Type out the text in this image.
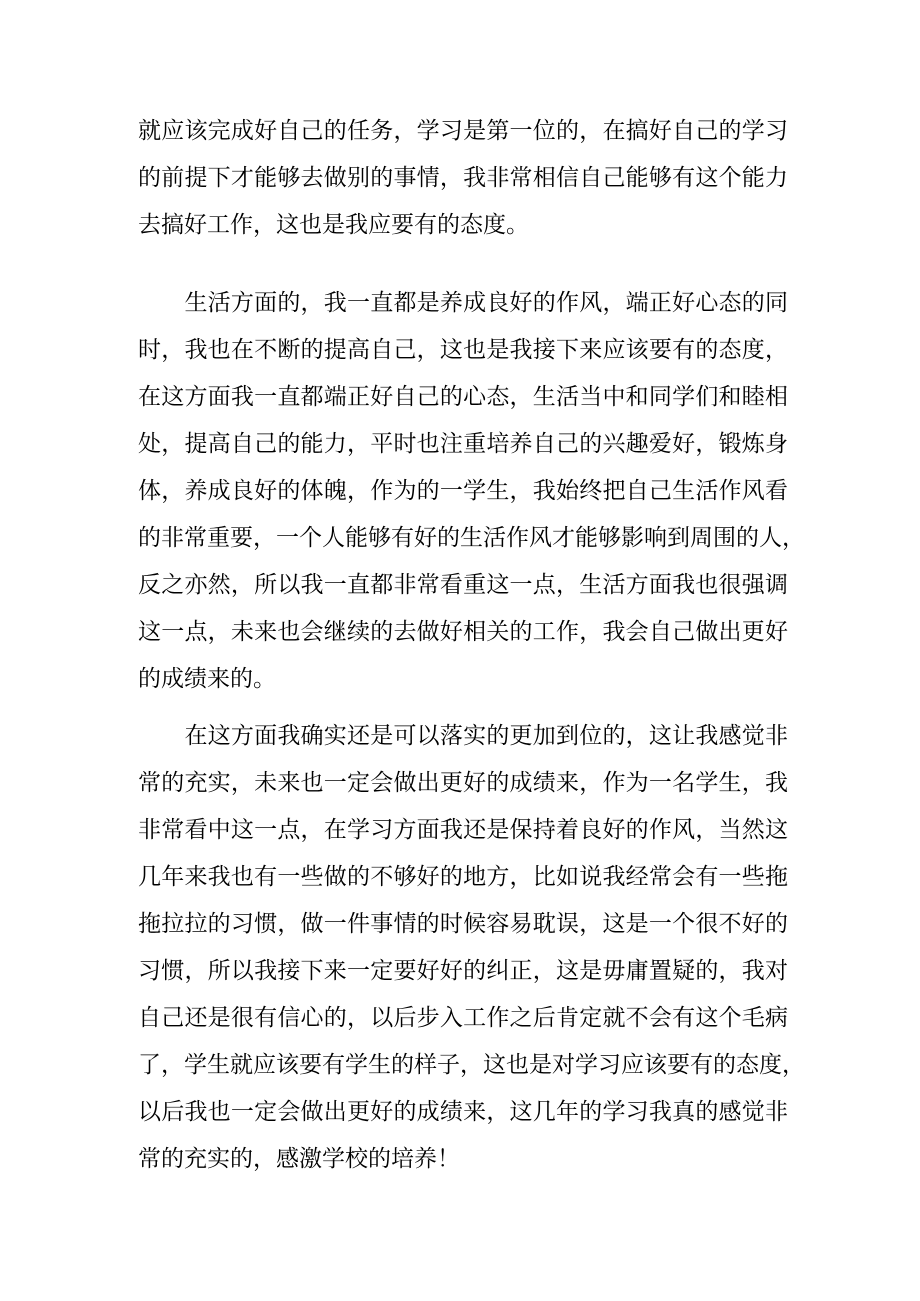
就应该完成好自己的任务，学习是第一位的，在搞好自己的学习
的前提下才能够去做别的事情，我非常相信自己能够有这个能力
去搞好工作，这也是我应要有的态度。
　　生活方面的，我一直都是养成良好的作风，端正好心态的同
时，我也在不断的提高自己，这也是我接下来应该要有的态度，
在这方面我一直都端正好自己的心态，生活当中和同学们和睦相
处，提高自己的能力，平时也注重培养自己的兴趣爱好，锻炼身
体，养成良好的体魄，作为的一学生，我始终把自己生活作风看
的非常重要，一个人能够有好的生活作风才能够影响到周围的人，
反之亦然，所以我一直都非常看重这一点，生活方面我也很强调
这一点，未来也会继续的去做好相关的工作，我会自己做出更好
的成绩来的。
　　在这方面我确实还是可以落实的更加到位的，这让我感觉非
常的充实，未来也一定会做出更好的成绩来，作为一名学生，我
非常看中这一点，在学习方面我还是保持着良好的作风，当然这
几年来我也有一些做的不够好的地方，比如说我经常会有一些拖
拖拉拉的习惯，做一件事情的时候容易耽误，这是一个很不好的
习惯，所以我接下来一定要好好的纠正，这是毋庸置疑的，我对
自己还是很有信心的，以后步入工作之后肯定就不会有这个毛病
了，学生就应该要有学生的样子，这也是对学习应该要有的态度，
以后我也一定会做出更好的成绩来，这几年的学习我真的感觉非
常的充实的，感激学校的培养！
